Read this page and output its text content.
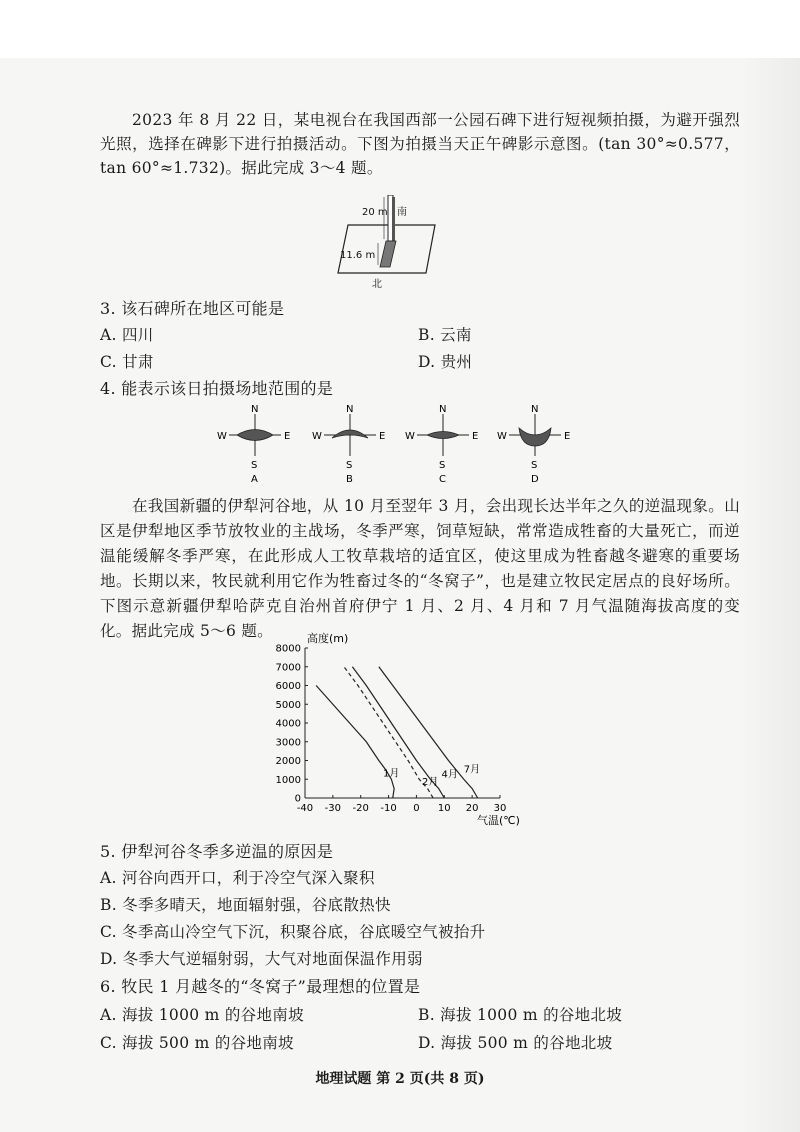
2023 年 8 月 22 日，某电视台在我国西部一公园石碑下进行短视频拍摄，为避开强烈光照，选择在碑影下进行拍摄活动。下图为拍摄当天正午碑影示意图。(tan 30°≈0.577，tan 60°≈1.732)。据此完成 3～4 题。
20 m 南
11.6 m
北
3. 该石碑所在地区可能是
A. 四川	B. 云南
C. 甘肃	D. 贵州
4. 能表示该日拍摄场地范围的是
N
S
W	E
A
N
S
W	E
B
N
S
W	E
C
N
S
W	E
D
在我国新疆的伊犁河谷地，从 10 月至翌年 3 月，会出现长达半年之久的逆温现象。山区是伊犁地区季节放牧业的主战场，冬季严寒，饲草短缺，常常造成牲畜的大量死亡，而逆温能缓解冬季严寒，在此形成人工牧草栽培的适宜区，使这里成为牲畜越冬避寒的重要场地。长期以来，牧民就利用它作为牲畜过冬的“冬窝子”，也是建立牧民定居点的良好场所。下图示意新疆伊犁哈萨克自治州首府伊宁 1 月、2 月、4 月和 7 月气温随海拔高度的变化。据此完成 5～6 题。
-40 -30 -20 -10 0 10 20 30
0
1000
2000
3000
4000
5000
6000
7000
8000
1月
2月
4月 7月
高度(m)
气温(℃)
5. 伊犁河谷冬季多逆温的原因是
A. 河谷向西开口，利于冷空气深入聚积
B. 冬季多晴天，地面辐射强，谷底散热快
C. 冬季高山冷空气下沉，积聚谷底，谷底暖空气被抬升
D. 冬季大气逆辐射弱，大气对地面保温作用弱
6. 牧民 1 月越冬的“冬窝子”最理想的位置是
A. 海拔 1000 m 的谷地南坡	B. 海拔 1000 m 的谷地北坡
C. 海拔 500 m 的谷地南坡	D. 海拔 500 m 的谷地北坡
地理试题 第 2 页(共 8 页)
